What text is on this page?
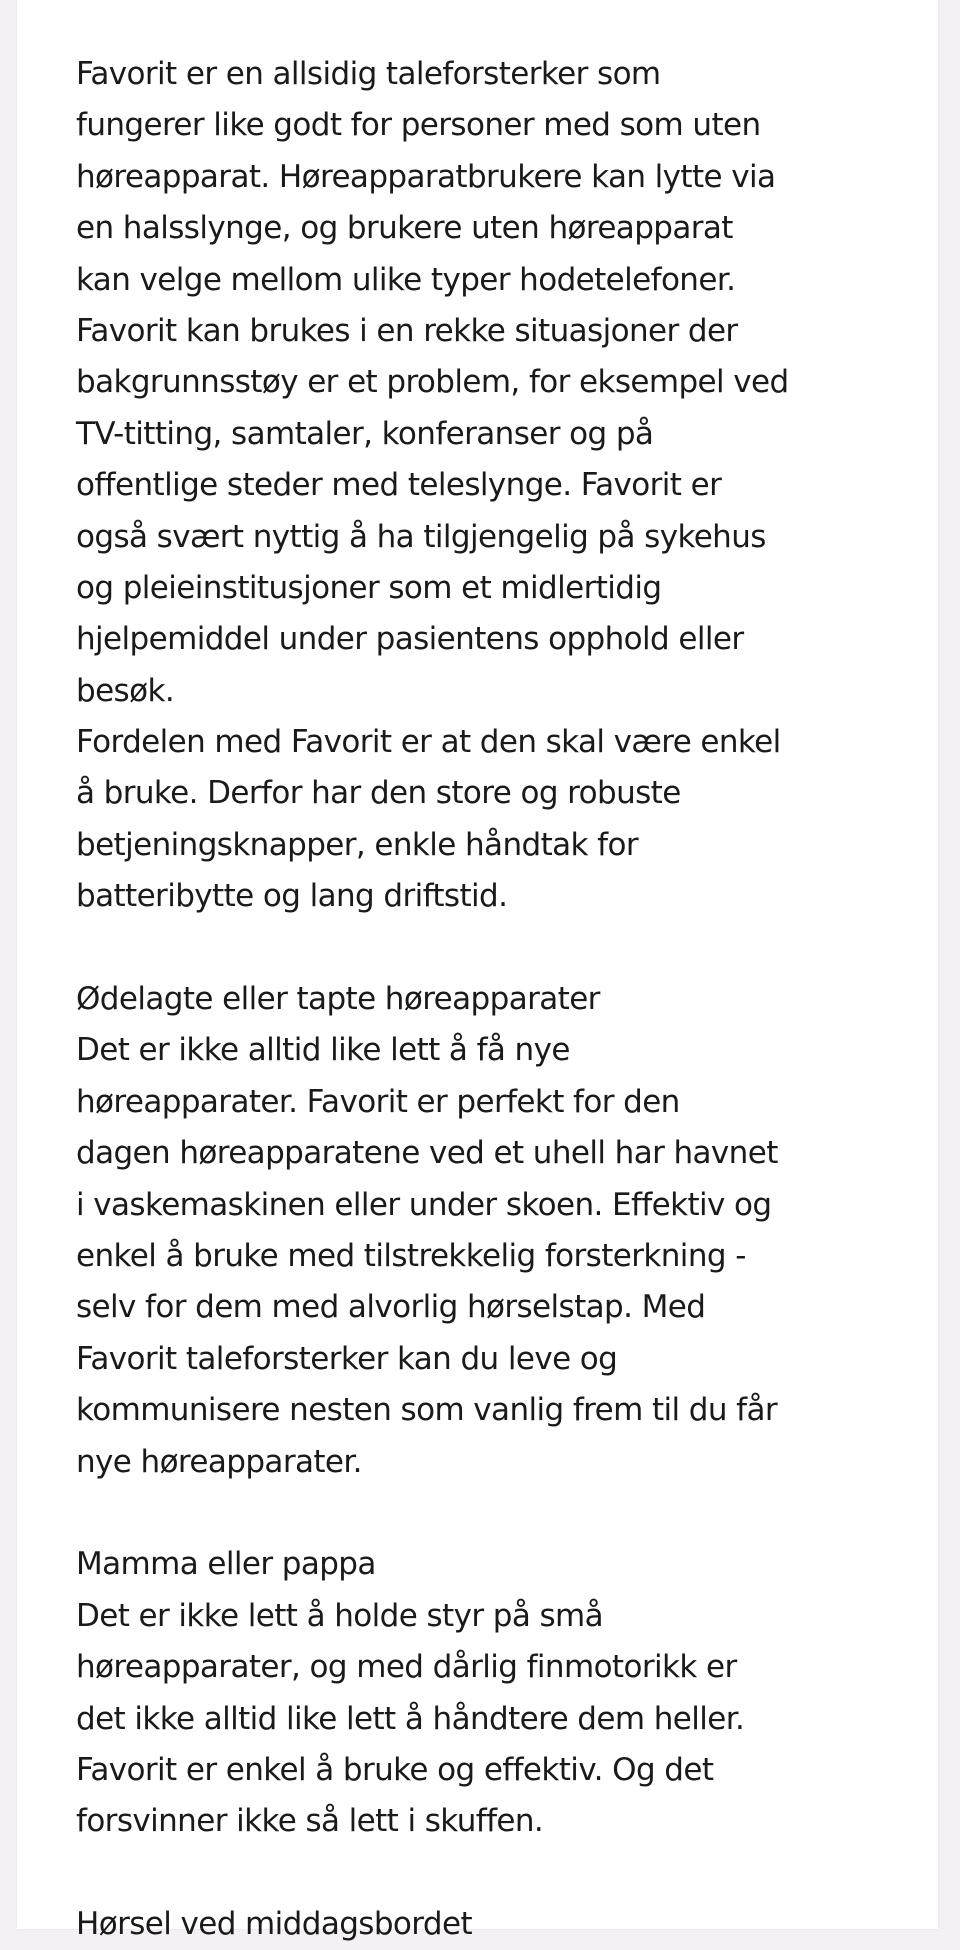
Favorit er en allsidig taleforsterker som
fungerer like godt for personer med som uten
høreapparat. Høreapparatbrukere kan lytte via
en halsslynge, og brukere uten høreapparat
kan velge mellom ulike typer hodetelefoner.
Favorit kan brukes i en rekke situasjoner der
bakgrunnsstøy er et problem, for eksempel ved
TV-titting, samtaler, konferanser og på
offentlige steder med teleslynge. Favorit er
også svært nyttig å ha tilgjengelig på sykehus
og pleieinstitusjoner som et midlertidig
hjelpemiddel under pasientens opphold eller
besøk.
Fordelen med Favorit er at den skal være enkel
å bruke. Derfor har den store og robuste
betjeningsknapper, enkle håndtak for
batteribytte og lang driftstid.
Ødelagte eller tapte høreapparater
Det er ikke alltid like lett å få nye
høreapparater. Favorit er perfekt for den
dagen høreapparatene ved et uhell har havnet
i vaskemaskinen eller under skoen. Effektiv og
enkel å bruke med tilstrekkelig forsterkning -
selv for dem med alvorlig hørselstap. Med
Favorit taleforsterker kan du leve og
kommunisere nesten som vanlig frem til du får
nye høreapparater.
Mamma eller pappa
Det er ikke lett å holde styr på små
høreapparater, og med dårlig finmotorikk er
det ikke alltid like lett å håndtere dem heller.
Favorit er enkel å bruke og effektiv. Og det
forsvinner ikke så lett i skuffen.
Hørsel ved middagsbordet
